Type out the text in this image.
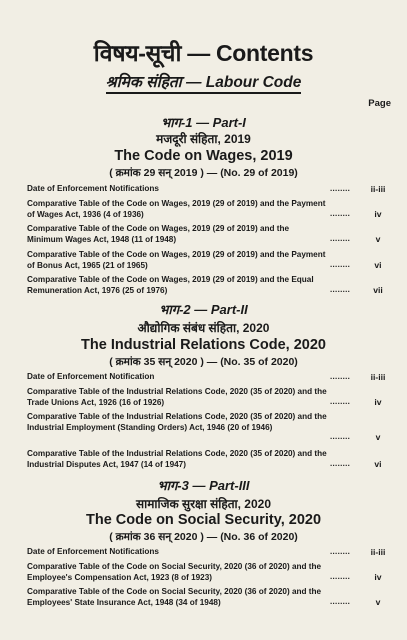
विषय-सूची — Contents
श्रमिक संहिता — Labour Code
Page
भाग-1 — Part-I
मजदूरी संहिता, 2019
The Code on Wages, 2019
( क्रमांक 29 सन् 2019 ) — (No. 29 of 2019)
Date of Enforcement Notifications	........	ii-iii
Comparative Table of the Code on Wages, 2019 (29 of 2019) and the Payment of Wages Act, 1936 (4 of 1936)	........	iv
Comparative Table of the Code on Wages, 2019 (29 of 2019) and the Minimum Wages Act, 1948 (11 of 1948)	........	v
Comparative Table of the Code on Wages, 2019 (29 of 2019) and the Payment of Bonus Act, 1965 (21 of 1965)	........	vi
Comparative Table of the Code on Wages, 2019 (29 of 2019) and the Equal Remuneration Act, 1976 (25 of 1976)	........	vii
भाग-2 — Part-II
औद्योगिक संबंध संहिता, 2020
The Industrial Relations Code, 2020
( क्रमांक 35 सन् 2020 ) — (No. 35 of 2020)
Date of Enforcement Notification	........	ii-iii
Comparative Table of the Industrial Relations Code, 2020 (35 of 2020) and the Trade Unions Act, 1926 (16 of 1926)	........	iv
Comparative Table of the Industrial Relations Code, 2020 (35 of 2020) and the Industrial Employment (Standing Orders) Act, 1946 (20 of 1946)
........	v
Comparative Table of the Industrial Relations Code, 2020 (35 of 2020) and the Industrial Disputes Act, 1947 (14 of 1947)	........	vi
भाग-3 — Part-III
सामाजिक सुरक्षा संहिता, 2020
The Code on Social Security, 2020
( क्रमांक 36 सन् 2020 ) — (No. 36 of 2020)
Date of Enforcement Notifications	........	ii-iii
Comparative Table of the Code on Social Security, 2020 (36 of 2020) and the Employee's Compensation Act, 1923 (8 of 1923)	........	iv
Comparative Table of the Code on Social Security, 2020 (36 of 2020) and the Employees' State Insurance Act, 1948 (34 of 1948)	........	v
